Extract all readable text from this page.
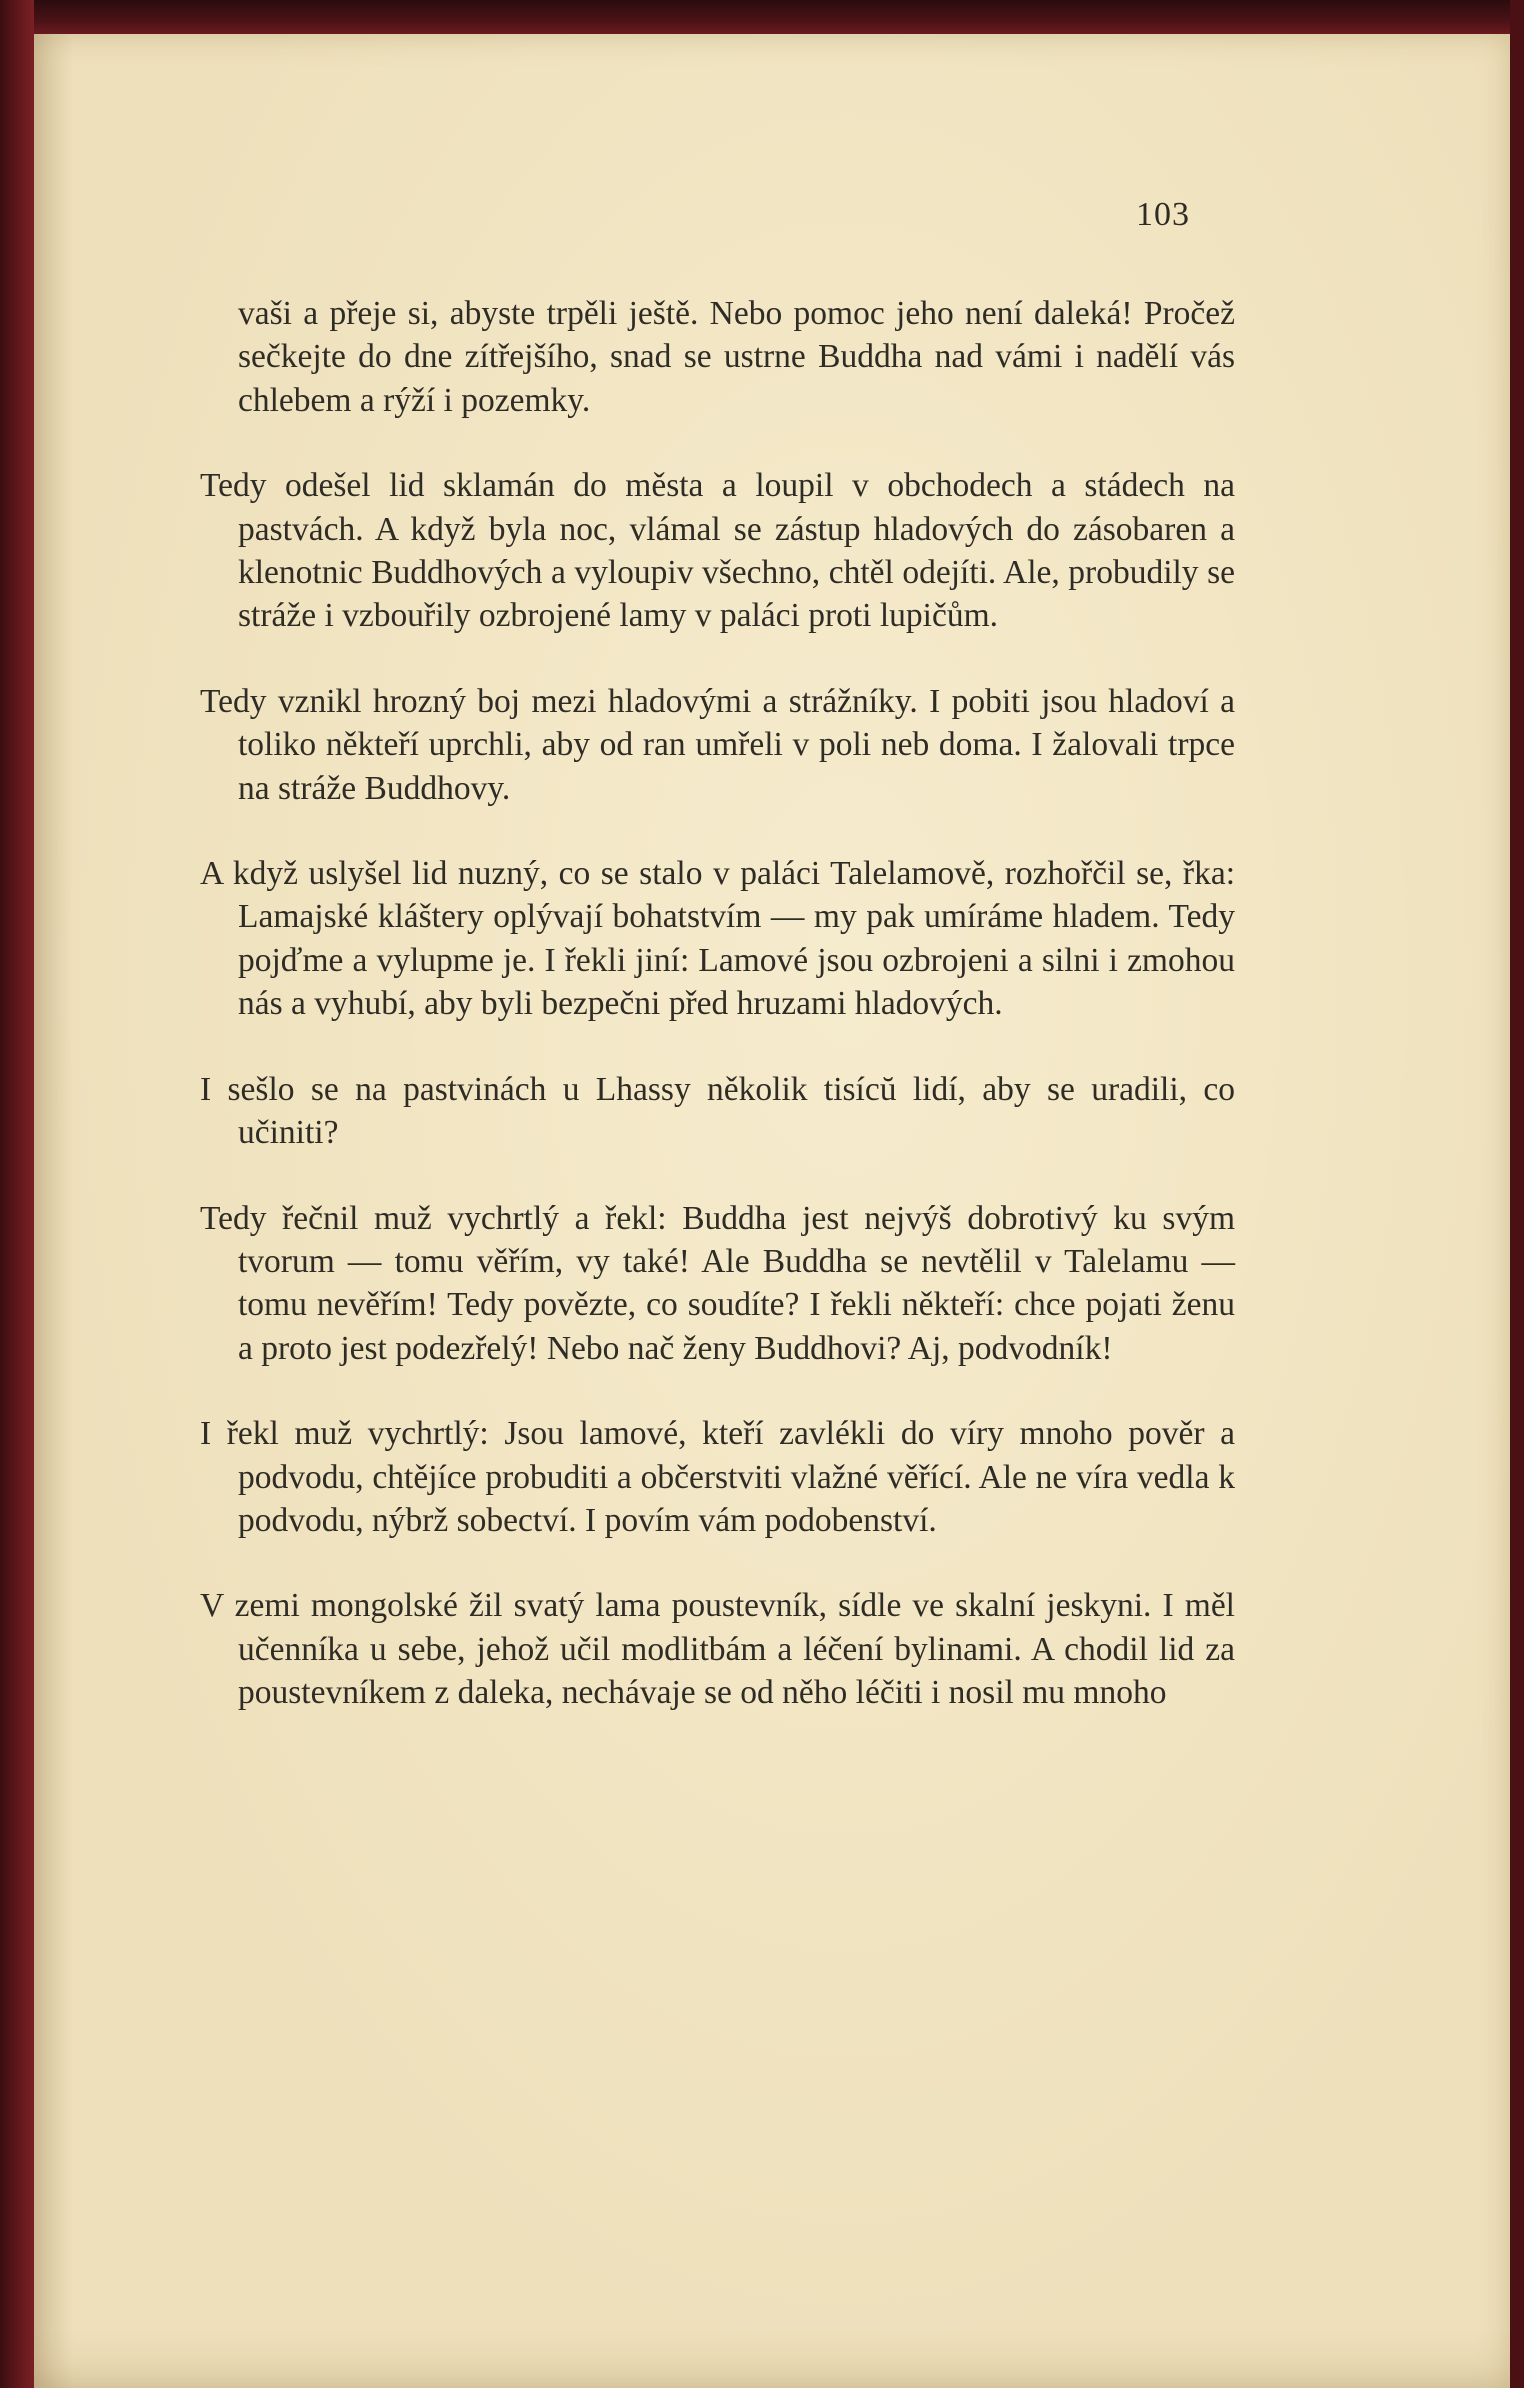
103

vaši a přeje si, abyste trpěli ještě. Nebo pomoc jeho není daleká! Pročež sečkejte do dne zítřejšího, snad se ustrne Buddha nad vámi i nadělí vás chlebem a rýží i pozemky.

Tedy odešel lid sklamán do města a loupil v obchodech a stádech na pastvách. A když byla noc, vlámal se zástup hladových do zásobaren a klenotnic Buddhových a vyloupiv všechno, chtěl odejíti. Ale, probudily se stráže i vzbouřily ozbrojené lamy v paláci proti lupičům.

Tedy vznikl hrozný boj mezi hladovými a strážníky. I pobiti jsou hladoví a toliko někteří uprchli, aby od ran umřeli v poli neb doma. I žalovali trpce na stráže Buddhovy.

A když uslyšel lid nuzný, co se stalo v paláci Talelamově, rozhořčil se, řka: Lamajské kláštery oplývají bohatstvím — my pak umíráme hladem. Tedy pojďme a vylupme je. I řekli jiní: Lamové jsou ozbrojeni a silni i zmohou nás a vyhubí, aby byli bezpečni před hruzami hladových.

I sešlo se na pastvinách u Lhassy několik tisícŭ lidí, aby se uradili, co učiniti?

Tedy řečnil muž vychrtlý a řekl: Buddha jest nejvýš dobrotivý ku svým tvorum — tomu věřím, vy také! Ale Buddha se nevtělil v Talelamu — tomu nevěřím! Tedy povězte, co soudíte? I řekli někteří: chce pojati ženu a proto jest podezřelý! Nebo nač ženy Buddhovi? Aj, podvodník!

I řekl muž vychrtlý: Jsou lamové, kteří zavlékli do víry mnoho pověr a podvodu, chtějíce probuditi a občerstviti vlažné věřící. Ale ne víra vedla k podvodu, nýbrž sobectví. I povím vám podobenství.

V zemi mongolské žil svatý lama poustevník, sídle ve skalní jeskyni. I měl učenníka u sebe, jehož učil modlitbám a léčení bylinami. A chodil lid za poustevníkem z daleka, nechávaje se od něho léčiti i nosil mu mnoho
